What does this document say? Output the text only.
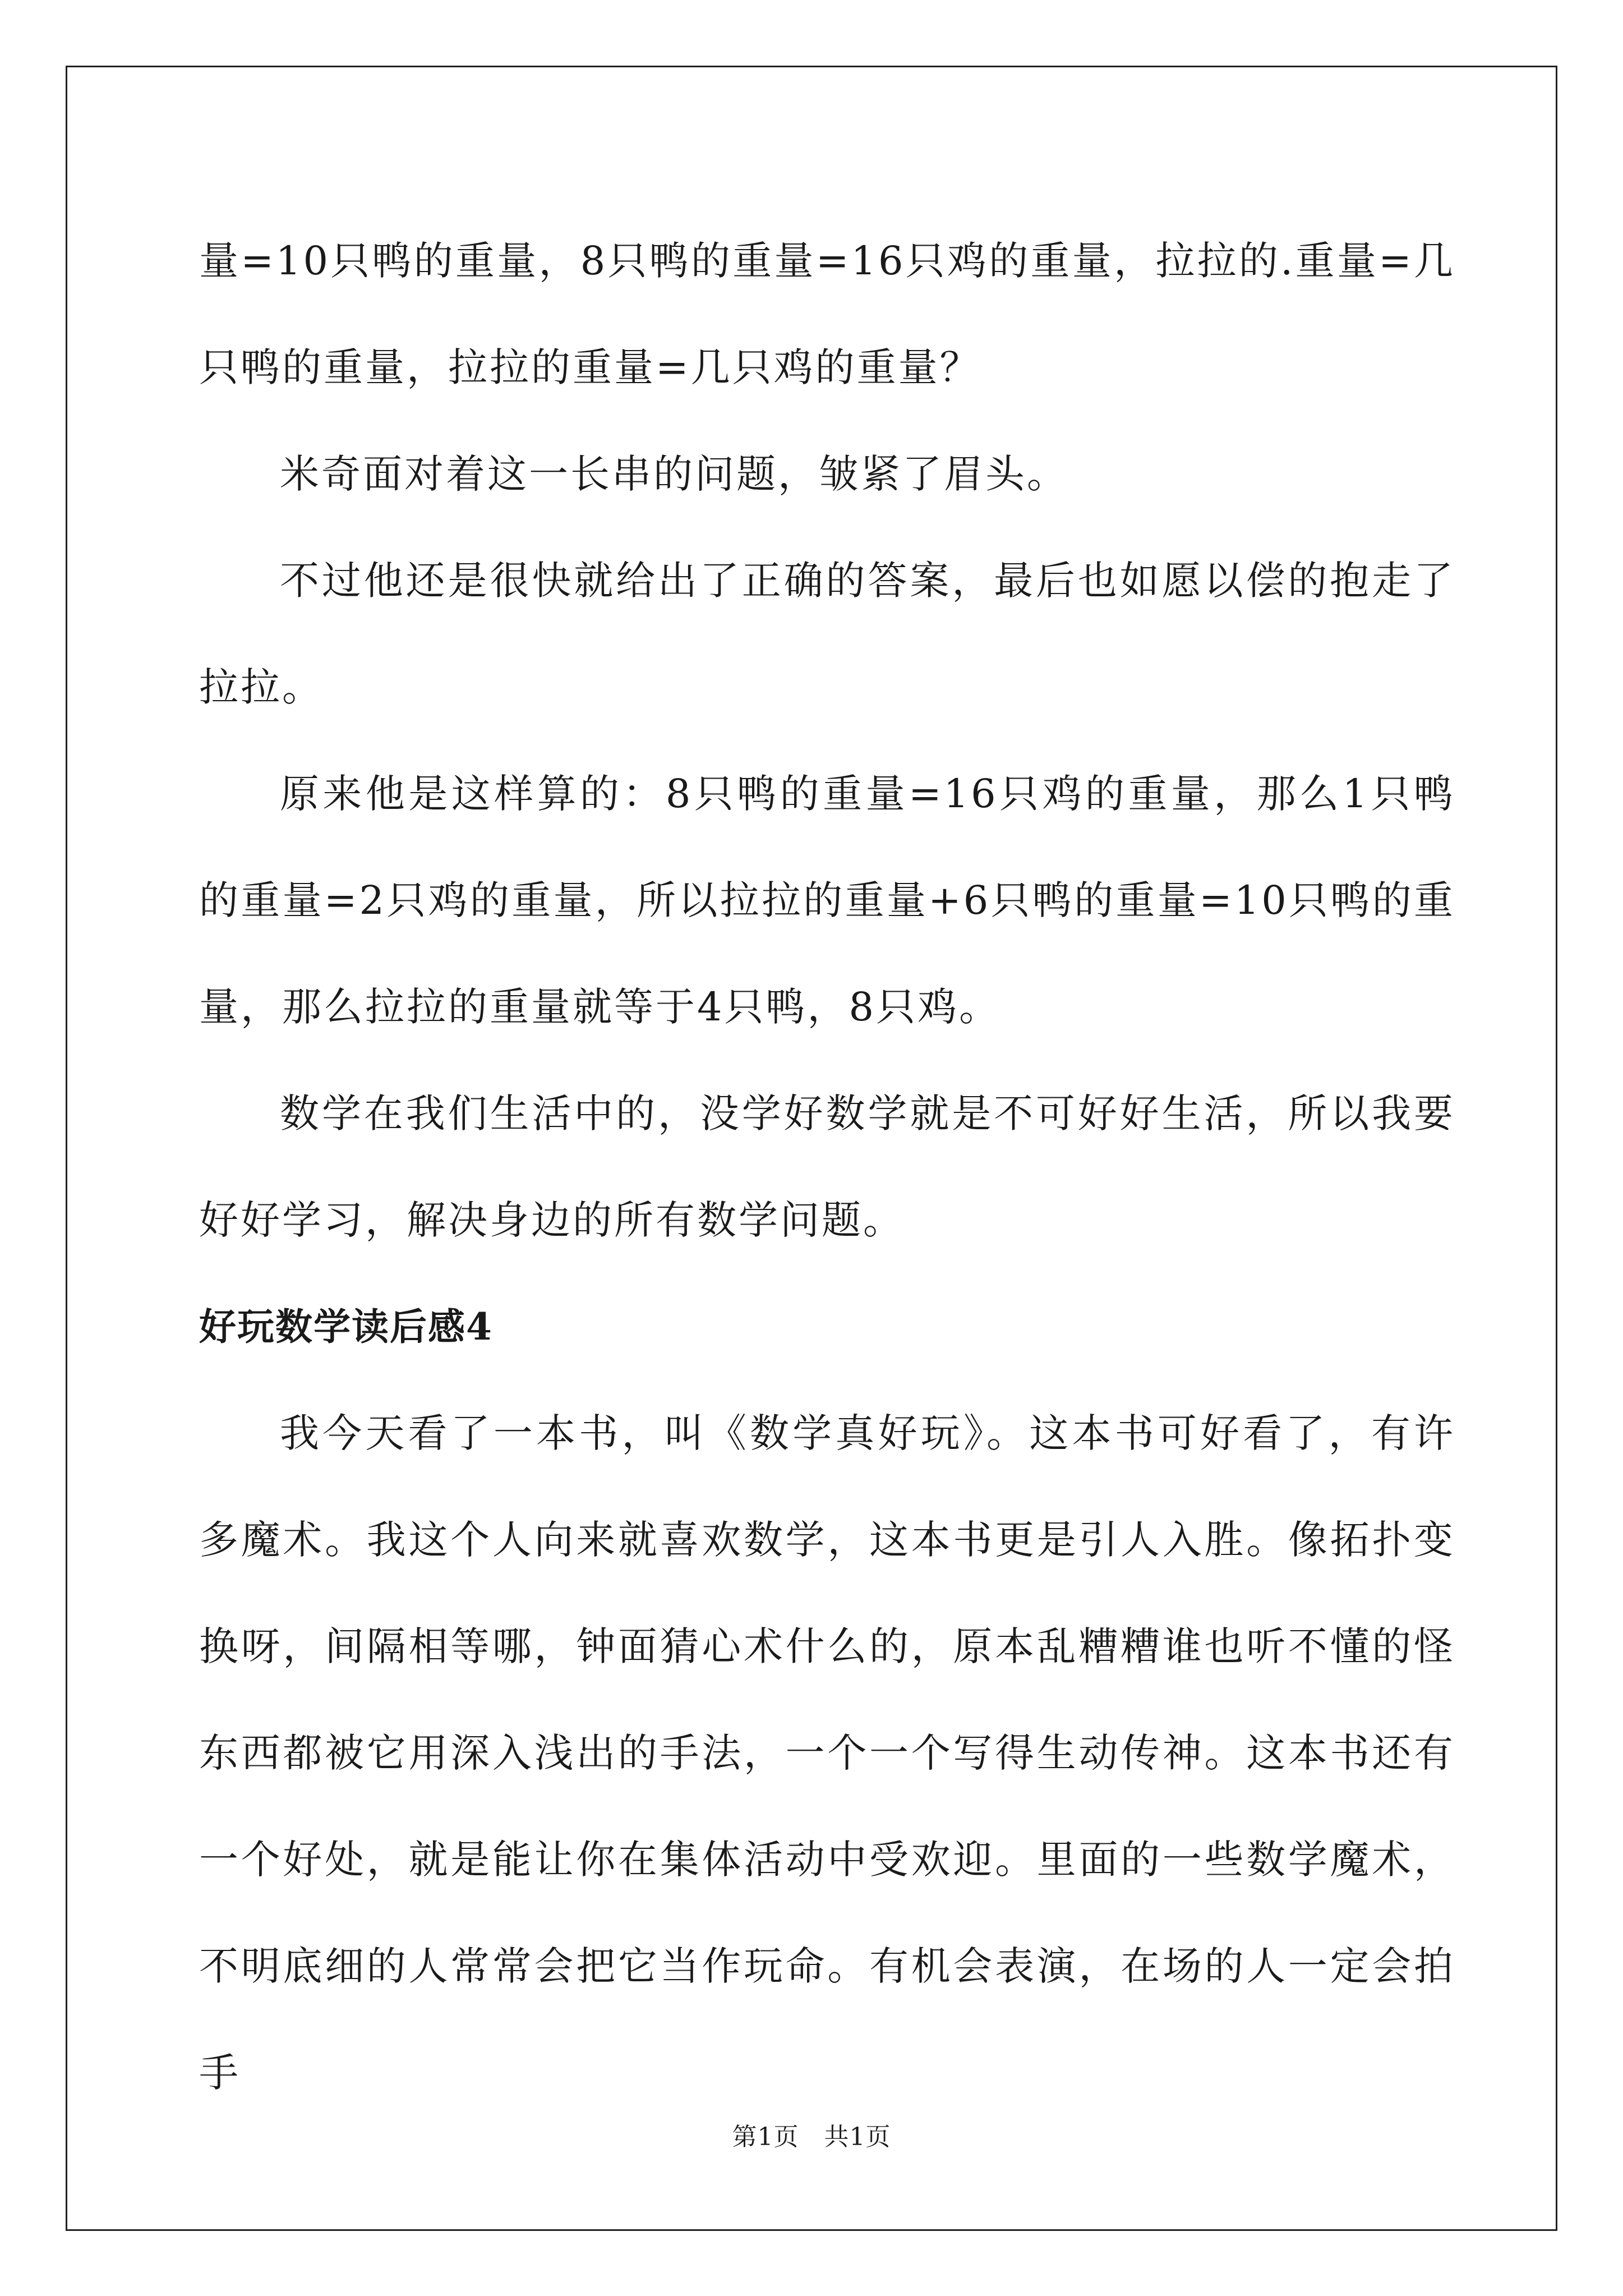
量=10只鸭的重量，8只鸭的重量=16只鸡的重量，拉拉的.重量=几只鸭的重量，拉拉的重量=几只鸡的重量？

米奇面对着这一长串的问题，皱紧了眉头。

不过他还是很快就给出了正确的答案，最后也如愿以偿的抱走了拉拉。

原来他是这样算的：8只鸭的重量=16只鸡的重量，那么1只鸭的重量=2只鸡的重量，所以拉拉的重量+6只鸭的重量=10只鸭的重量，那么拉拉的重量就等于4只鸭，8只鸡。

数学在我们生活中的，没学好数学就是不可好好生活，所以我要好好学习，解决身边的所有数学问题。

好玩数学读后感4

我今天看了一本书，叫《数学真好玩》。这本书可好看了，有许多魔术。我这个人向来就喜欢数学，这本书更是引人入胜。像拓扑变换呀，间隔相等哪，钟面猜心术什么的，原本乱糟糟谁也听不懂的怪东西都被它用深入浅出的手法，一个一个写得生动传神。这本书还有一个好处，就是能让你在集体活动中受欢迎。里面的一些数学魔术，不明底细的人常常会把它当作玩命。有机会表演，在场的人一定会拍手

第1页　共1页
